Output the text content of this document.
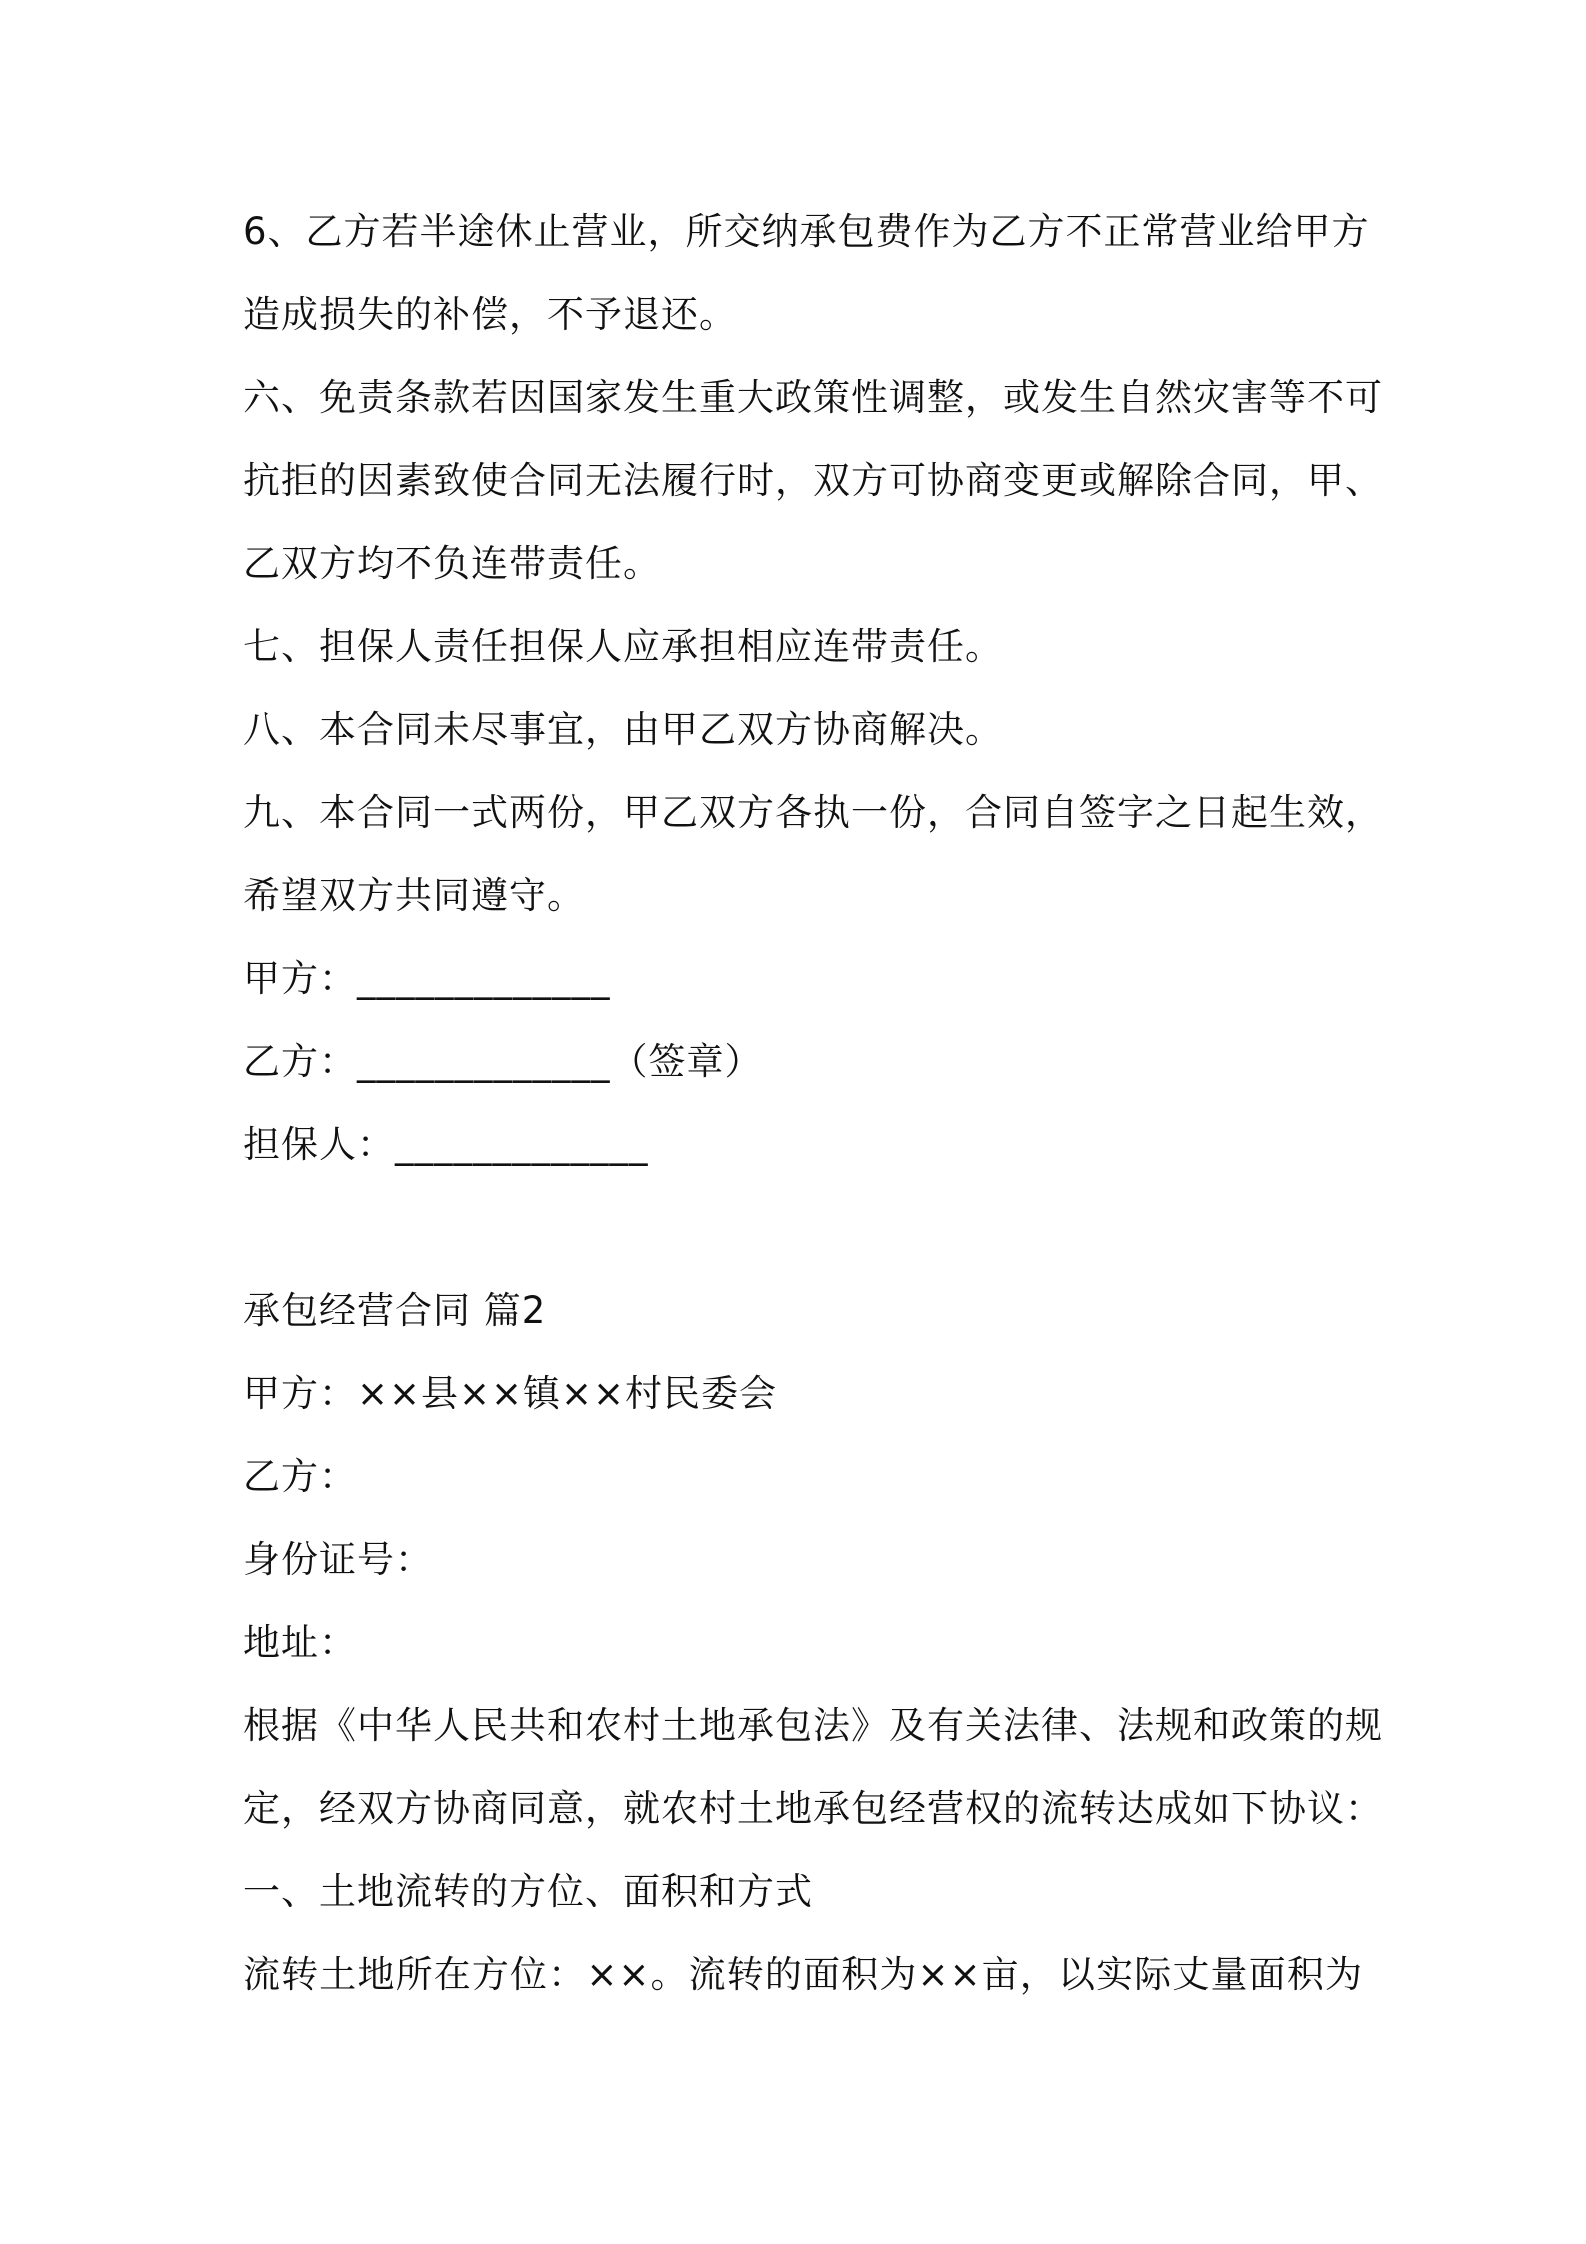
6、乙方若半途休止营业，所交纳承包费作为乙方不正常营业给甲方
造成损失的补偿，不予退还。
六、免责条款若因国家发生重大政策性调整，或发生自然灾害等不可
抗拒的因素致使合同无法履行时，双方可协商变更或解除合同，甲、
乙双方均不负连带责任。
七、担保人责任担保人应承担相应连带责任。
八、本合同未尽事宜，由甲乙双方协商解决。
九、本合同一式两份，甲乙双方各执一份，合同自签字之日起生效，
希望双方共同遵守。
甲方：_____________
乙方：_____________（签章）
担保人：_____________
承包经营合同 篇2
甲方：××县××镇××村民委会
乙方：
身份证号：
地址：
根据《中华人民共和农村土地承包法》及有关法律、法规和政策的规
定，经双方协商同意，就农村土地承包经营权的流转达成如下协议：
一、土地流转的方位、面积和方式
流转土地所在方位：××。流转的面积为××亩，以实际丈量面积为
